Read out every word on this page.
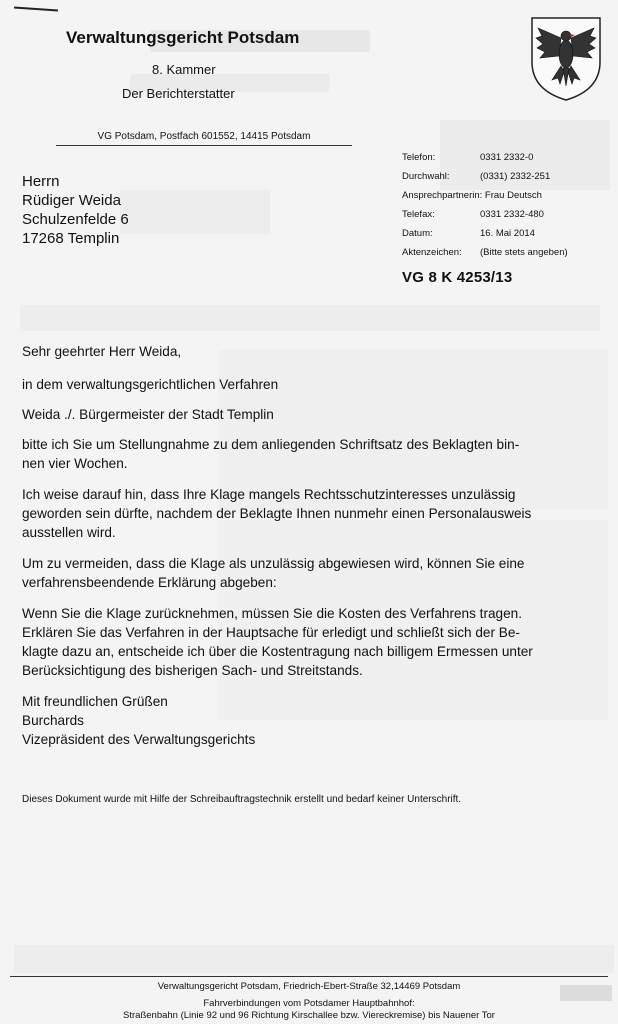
Verwaltungsgericht Potsdam
8. Kammer
Der Berichterstatter
VG Potsdam, Postfach 601552, 14415 Potsdam
Herrn
Rüdiger Weida
Schulzenfelde 6
17268 Templin
Telefon:	0331 2332-0
Durchwahl:	(0331) 2332-251
Ansprechpartnerin: Frau Deutsch
Telefax:	0331 2332-480
Datum:	16. Mai 2014
Aktenzeichen: (Bitte stets angeben)
VG 8 K 4253/13

Sehr geehrter Herr Weida,

in dem verwaltungsgerichtlichen Verfahren

Weida ./. Bürgermeister der Stadt Templin

bitte ich Sie um Stellungnahme zu dem anliegenden Schriftsatz des Beklagten bin-

nen vier Wochen.

Ich weise darauf hin, dass Ihre Klage mangels Rechtsschutzinteresses unzulässig

geworden sein dürfte, nachdem der Beklagte Ihnen nunmehr einen Personalausweis

ausstellen wird.

Um zu vermeiden, dass die Klage als unzulässig abgewiesen wird, können Sie eine

verfahrensbeendende Erklärung abgeben:

Wenn Sie die Klage zurücknehmen, müssen Sie die Kosten des Verfahrens tragen.

Erklären Sie das Verfahren in der Hauptsache für erledigt und schließt sich der Be-

klagte dazu an, entscheide ich über die Kostentragung nach billigem Ermessen unter

Berücksichtigung des bisherigen Sach- und Streitstands.

Mit freundlichen Grüßen

Burchards

Vizepräsident des Verwaltungsgerichts

Dieses Dokument wurde mit Hilfe der Schreibauftragstechnik erstellt und bedarf keiner Unterschrift.
Verwaltungsgericht Potsdam, Friedrich-Ebert-Straße 32,14469 Potsdam
Fahrverbindungen vom Potsdamer Hauptbahnhof:
Straßenbahn (Linie 92 und 96 Richtung Kirschallee bzw. Viereckremise) bis Nauener Tor
